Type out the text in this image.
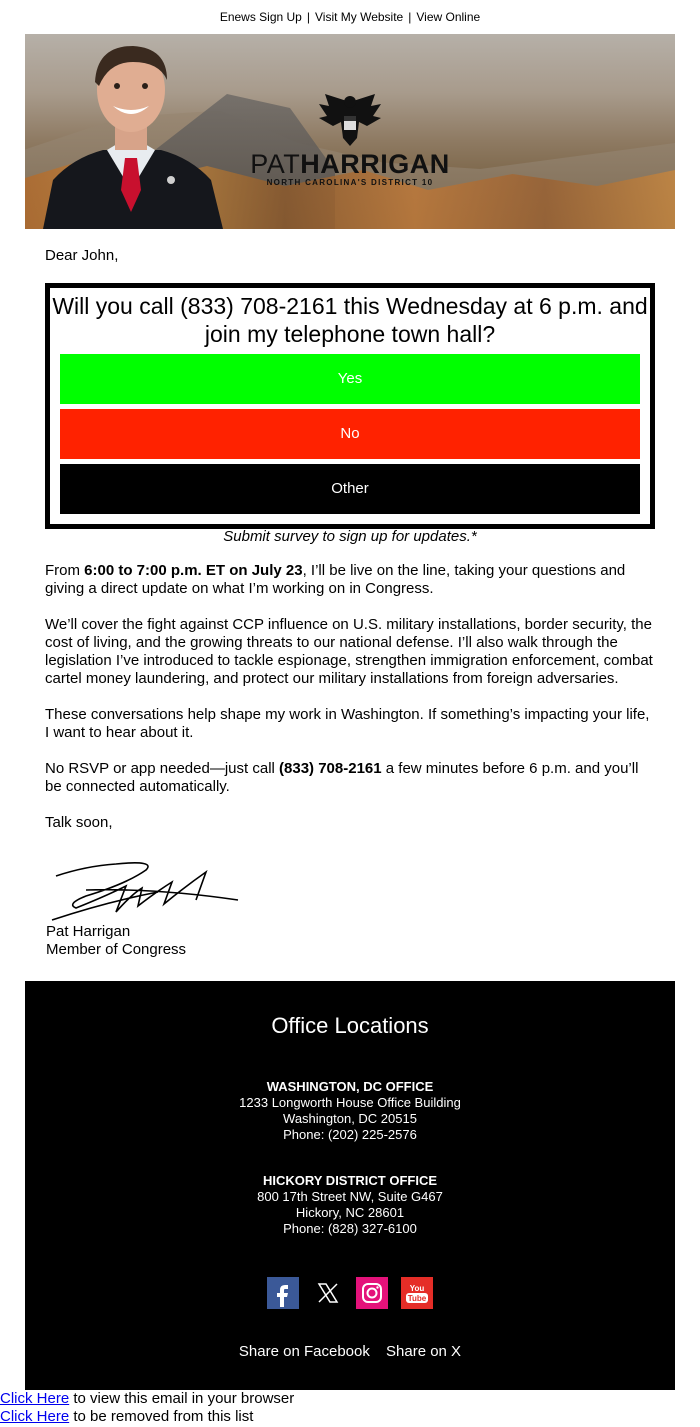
Enews Sign Up | Visit My Website | View Online
PATHARRIGAN
NORTH CAROLINA'S DISTRICT 10

Dear John,

Will you call (833) 708-2161 this Wednesday at 6 p.m. and join my telephone town hall?
Yes
No
Other
Submit survey to sign up for updates.*

From 6:00 to 7:00 p.m. ET on July 23, I’ll be live on the line, taking your questions and giving a direct update on what I’m working on in Congress.

We’ll cover the fight against CCP influence on U.S. military installations, border security, the cost of living, and the growing threats to our national defense. I’ll also walk through the legislation I’ve introduced to tackle espionage, strengthen immigration enforcement, combat cartel money laundering, and protect our military installations from foreign adversaries.

These conversations help shape my work in Washington. If something’s impacting your life, I want to hear about it.

No RSVP or app needed—just call (833) 708-2161 a few minutes before 6 p.m. and you’ll be connected automatically.

Talk soon,

Pat Harrigan
Member of Congress
Office Locations
WASHINGTON, DC OFFICE
1233 Longworth House Office Building
Washington, DC 20515
Phone: (202) 225-2576
HICKORY DISTRICT OFFICE
800 17th Street NW, Suite G467
Hickory, NC 28601
Phone: (828) 327-6100

You
Tube
Share on Facebook Share on X
Click Here to view this email in your browser
Click Here to be removed from this list
